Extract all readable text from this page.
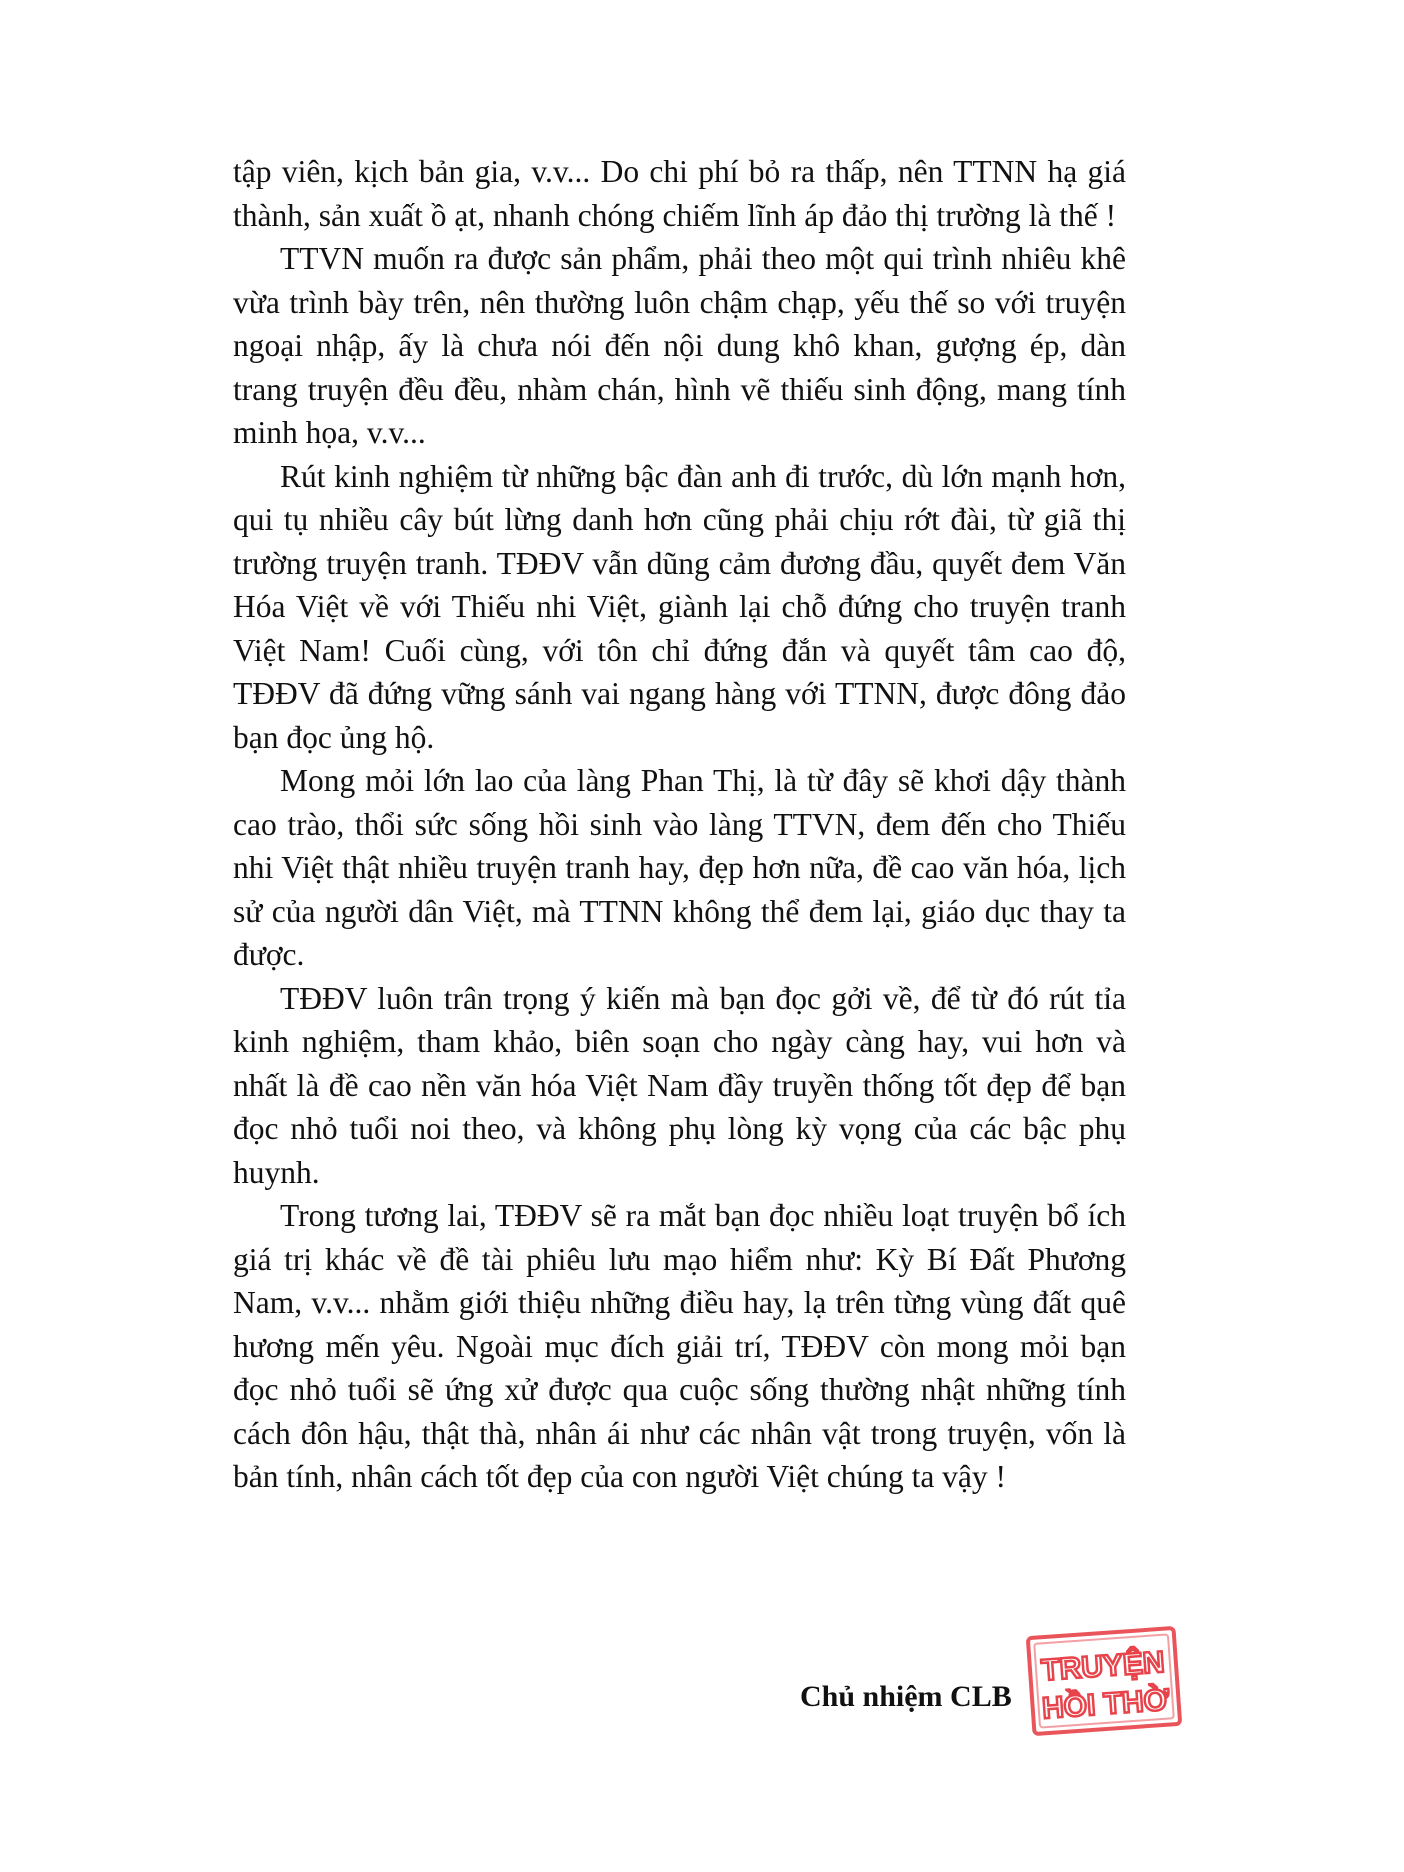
tập viên, kịch bản gia, v.v... Do chi phí bỏ ra thấp, nên TTNN hạ giá thành, sản xuất ồ ạt, nhanh chóng chiếm lĩnh áp đảo thị trường là thế !

TTVN muốn ra được sản phẩm, phải theo một qui trình nhiêu khê vừa trình bày trên, nên thường luôn chậm chạp, yếu thế so với truyện ngoại nhập, ấy là chưa nói đến nội dung khô khan, gượng ép, dàn trang truyện đều đều, nhàm chán, hình vẽ thiếu sinh động, mang tính minh họa, v.v...

Rút kinh nghiệm từ những bậc đàn anh đi trước, dù lớn mạnh hơn, qui tụ nhiều cây bút lừng danh hơn cũng phải chịu rớt đài, từ giã thị trường truyện tranh. TĐĐV vẫn dũng cảm đương đầu, quyết đem Văn Hóa Việt về với Thiếu nhi Việt, giành lại chỗ đứng cho truyện tranh Việt Nam! Cuối cùng, với tôn chỉ đứng đắn và quyết tâm cao độ, TĐĐV đã đứng vững sánh vai ngang hàng với TTNN, được đông đảo bạn đọc ủng hộ.

Mong mỏi lớn lao của làng Phan Thị, là từ đây sẽ khơi dậy thành cao trào, thổi sức sống hồi sinh vào làng TTVN, đem đến cho Thiếu nhi Việt thật nhiều truyện tranh hay, đẹp hơn nữa, đề cao văn hóa, lịch sử của người dân Việt, mà TTNN không thể đem lại, giáo dục thay ta được.

TĐĐV luôn trân trọng ý kiến mà bạn đọc gởi về, để từ đó rút tỉa kinh nghiệm, tham khảo, biên soạn cho ngày càng hay, vui hơn và nhất là đề cao nền văn hóa Việt Nam đầy truyền thống tốt đẹp để bạn đọc nhỏ tuổi noi theo, và không phụ lòng kỳ vọng của các bậc phụ huynh.

Trong tương lai, TĐĐV sẽ ra mắt bạn đọc nhiều loạt truyện bổ ích giá trị khác về đề tài phiêu lưu mạo hiểm như: Kỳ Bí Đất Phương Nam, v.v... nhằm giới thiệu những điều hay, lạ trên từng vùng đất quê hương mến yêu. Ngoài mục đích giải trí, TĐĐV còn mong mỏi bạn đọc nhỏ tuổi sẽ ứng xử được qua cuộc sống thường nhật những tính cách đôn hậu, thật thà, nhân ái như các nhân vật trong truyện, vốn là bản tính, nhân cách tốt đẹp của con người Việt chúng ta vậy !

Chủ nhiệm CLB
TRUYỆN
HỒI THỜ
